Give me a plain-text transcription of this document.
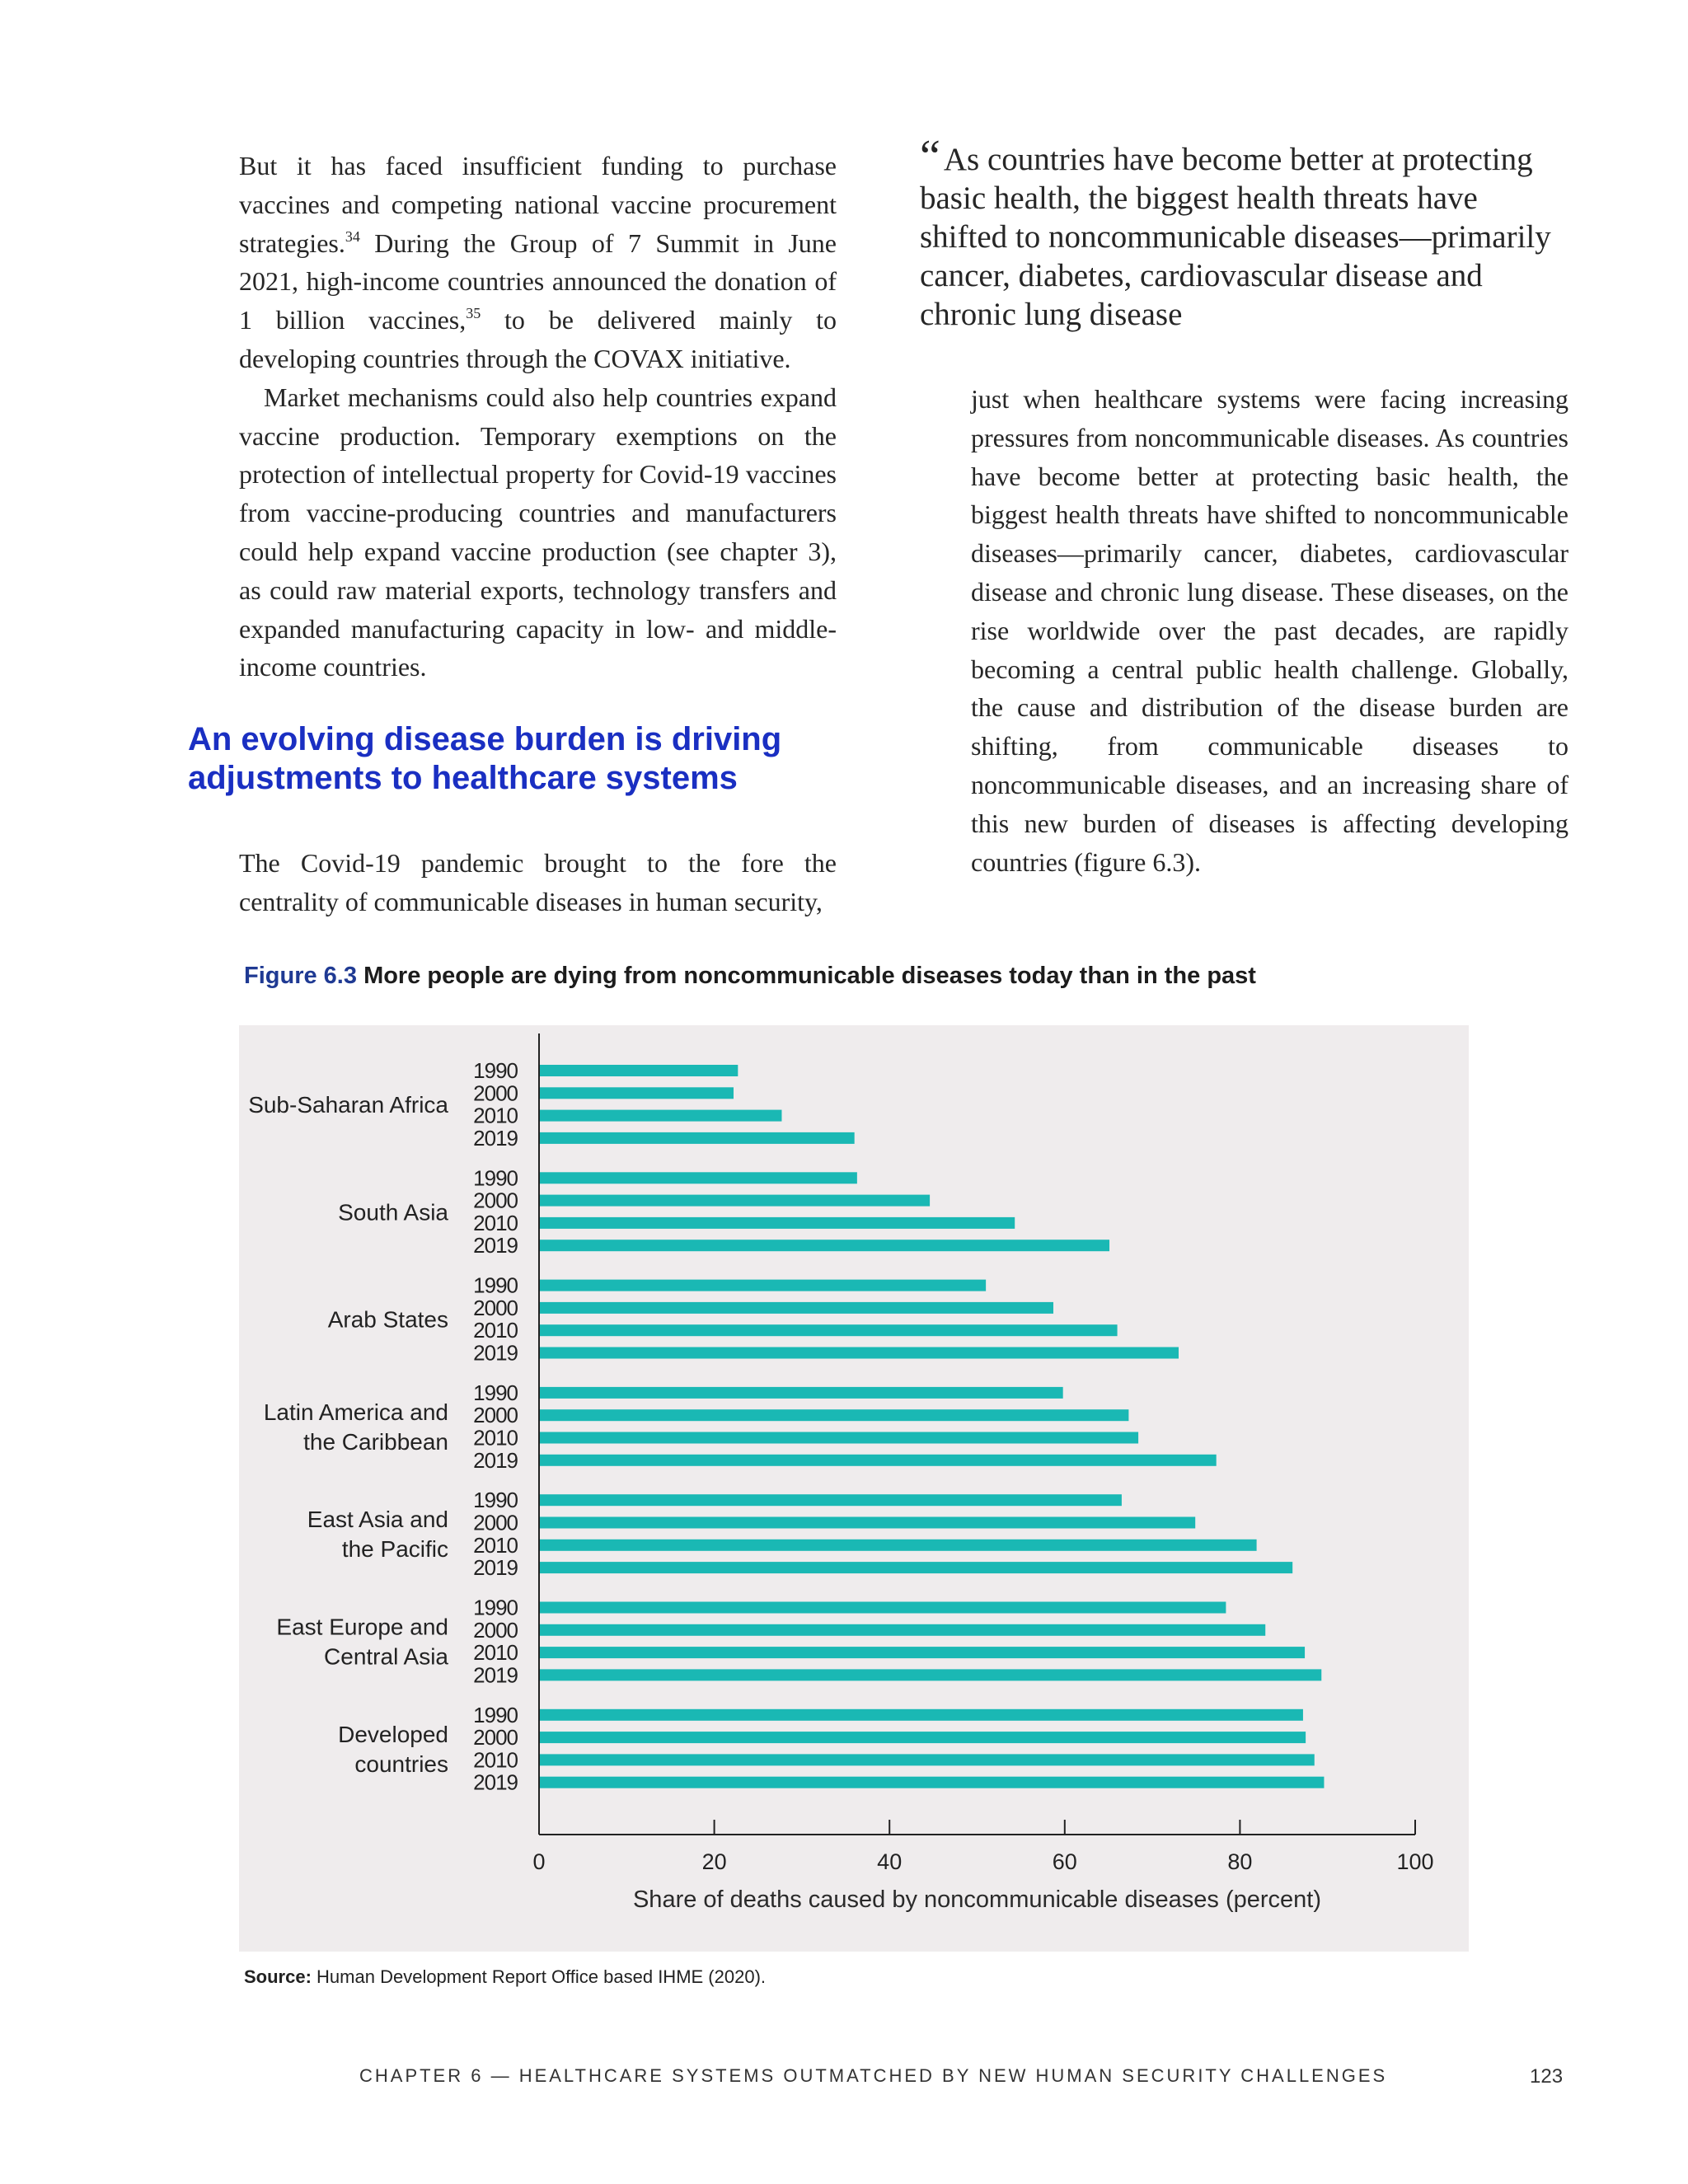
But it has faced insufficient funding to purchase vaccines and competing national vaccine procurement strategies.$^{34}$ During the Group of 7 Summit in June 2021, high-income countries announced the donation of 1 billion vaccines,$^{35}$ to be delivered mainly to developing countries through the COVAX initiative.

Market mechanisms could also help countries expand vaccine production. Temporary exemptions on the protection of intellectual property for Covid-19 vaccines from vaccine-producing countries and manufacturers could help expand vaccine production (see chapter 3), as could raw material exports, technology transfers and expanded manufacturing capacity in low- and middle-income countries.

An evolving disease burden is driving adjustments to healthcare systems

The Covid-19 pandemic brought to the fore the centrality of communicable diseases in human security,

“ As countries have become better at protecting basic health, the biggest health threats have shifted to noncommunicable diseases—primarily cancer, diabetes, cardiovascular disease and chronic lung disease

just when healthcare systems were facing increasing pressures from noncommunicable diseases. As countries have become better at protecting basic health, the biggest health threats have shifted to noncommunicable diseases—primarily cancer, diabetes, cardiovascular disease and chronic lung disease. These diseases, on the rise worldwide over the past decades, are rapidly becoming a central public health challenge. Globally, the cause and distribution of the disease burden are shifting, from communicable diseases to noncommunicable diseases, and an increasing share of this new burden of diseases is affecting developing countries (figure 6.3).

Figure 6.3 More people are dying from noncommunicable diseases today than in the past
0	20	40	60	80	100
Share of deaths caused by noncommunicable diseases (percent)
1990
2000
2010
2019
Sub-Saharan Africa
1990
2000
2010
2019
South Asia
1990
2000
2010
2019
Arab States
1990
2000
2010
2019
Latin America and
the Caribbean
1990
2000
2010
2019
East Asia and
the Pacific
1990
2000
2010
2019
East Europe and
Central Asia
1990
2000
2010
2019
Developed
countries
Source: Human Development Report Office based IHME (2020).
CHAPTER 6 — HEALTHCARE SYSTEMS OUTMATCHED BY NEW HUMAN SECURITY CHALLENGES	123
